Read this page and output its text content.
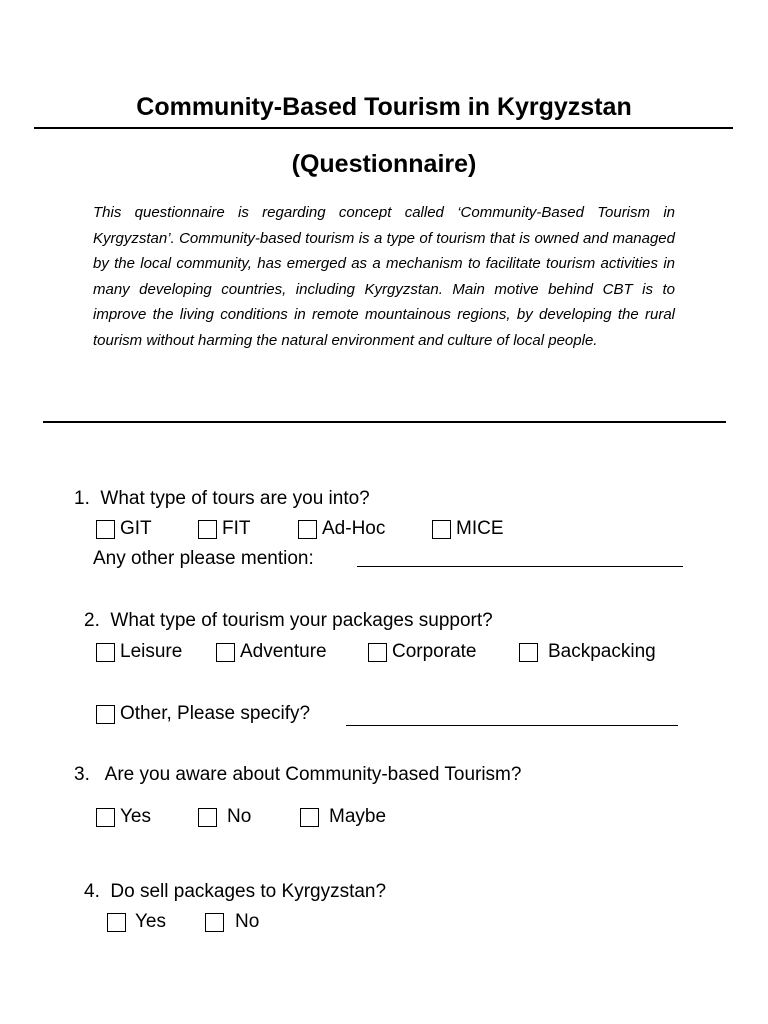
Community-Based Tourism in Kyrgyzstan
(Questionnaire)
This questionnaire is regarding concept called ‘Community-Based Tourism in Kyrgyzstan’. Community-based tourism is a type of tourism that is owned and managed by the local community, has emerged as a mechanism to facilitate tourism activities in many developing countries, including Kyrgyzstan. Main motive behind CBT is to improve the living conditions in remote mountainous regions, by developing the rural tourism without harming the natural environment and culture of local people.
1. What type of tours are you into?
GIT	FIT	Ad-Hoc	MICE
Any other please mention:
2. What type of tourism your packages support?
Leisure	Adventure	Corporate	Backpacking
Other, Please specify?
3. Are you aware about Community-based Tourism?
Yes	No	Maybe
4. Do sell packages to Kyrgyzstan?
Yes	No
